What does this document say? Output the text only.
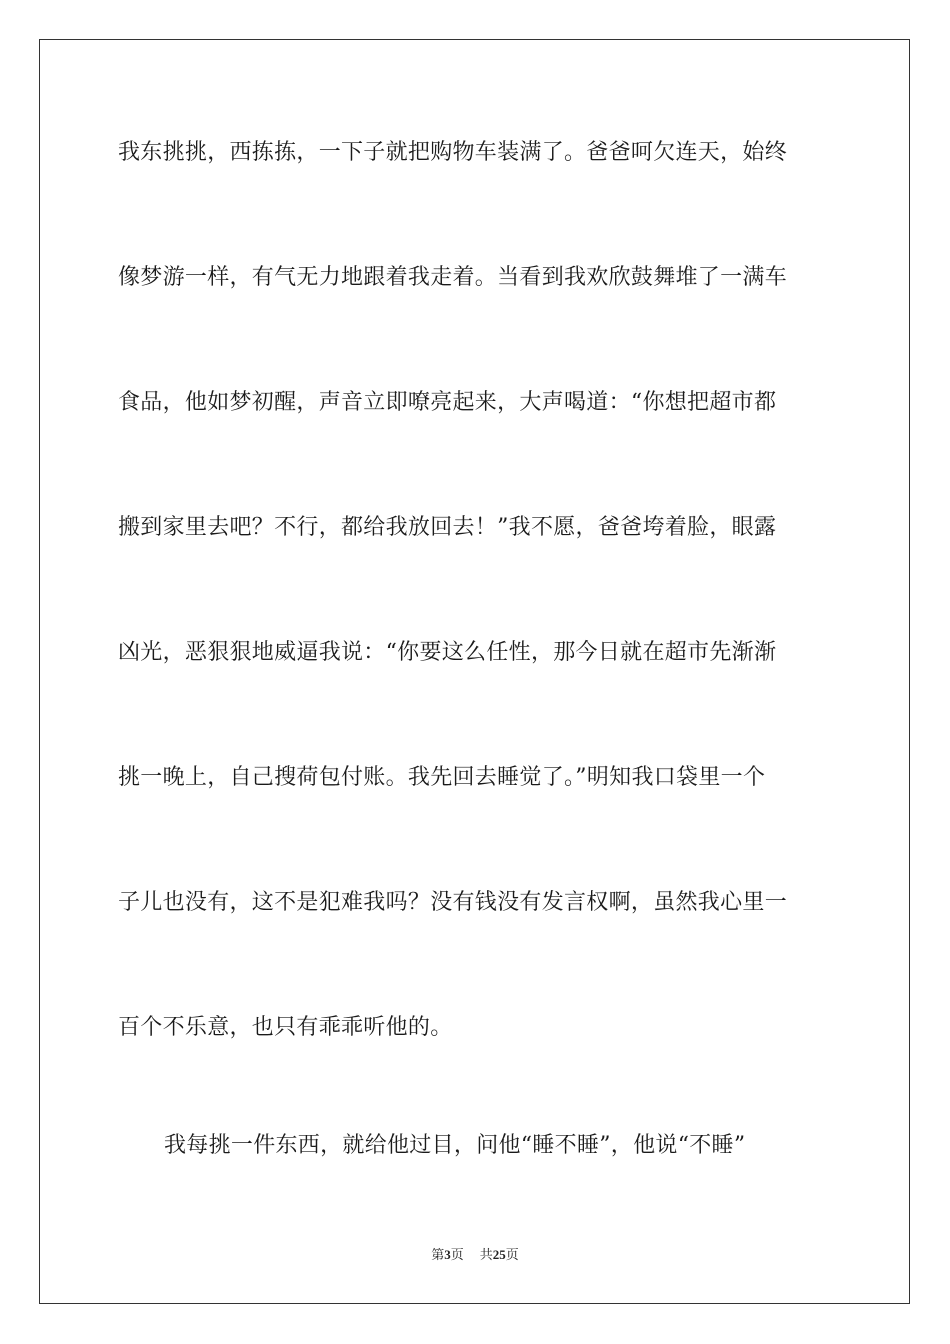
我东挑挑，西拣拣，一下子就把购物车装满了。爸爸呵欠连天，始终
像梦游一样，有气无力地跟着我走着。当看到我欢欣鼓舞堆了一满车
食品，他如梦初醒，声音立即嘹亮起来，大声喝道：“你想把超市都
搬到家里去吧？不行，都给我放回去！”我不愿，爸爸垮着脸，眼露
凶光，恶狠狠地威逼我说：“你要这么任性，那今日就在超市先渐渐
挑一晚上，自己搜荷包付账。我先回去睡觉了。”明知我口袋里一个
子儿也没有，这不是犯难我吗？没有钱没有发言权啊，虽然我心里一
百个不乐意，也只有乖乖听他的。
我每挑一件东西，就给他过目，问他“睡不睡”，他说“不睡”
第3页 共25页
